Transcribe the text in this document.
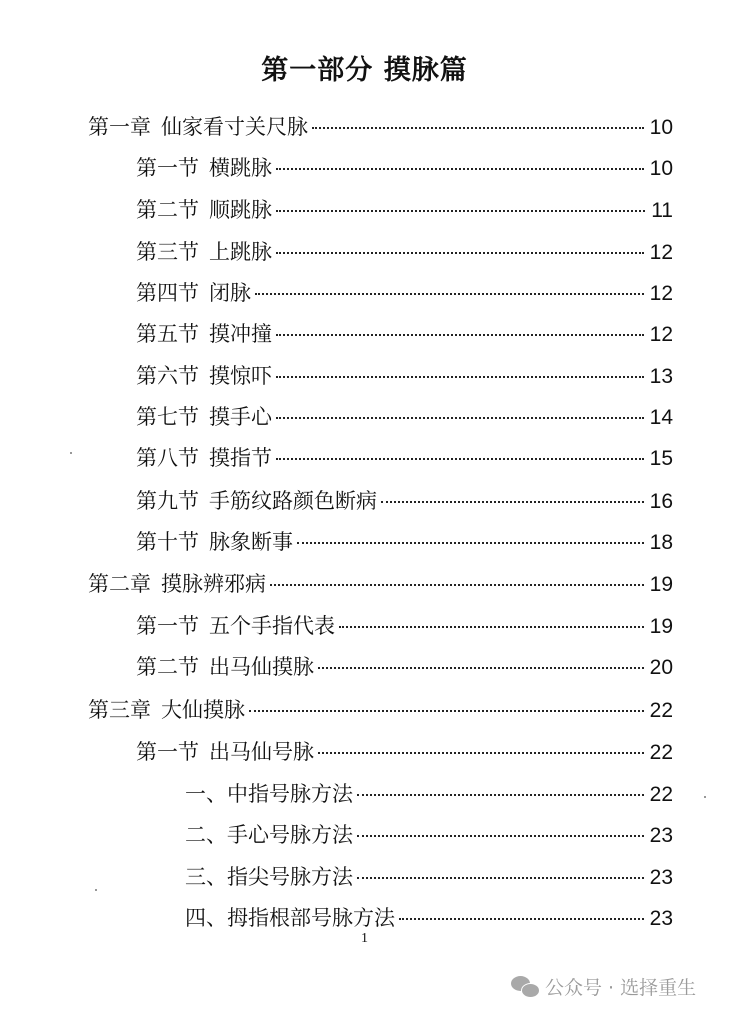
第一部分 摸脉篇
第一章 仙家看寸关尺脉	10
第一节 横跳脉	10
第二节 顺跳脉	11
第三节 上跳脉	12
第四节 闭脉	12
第五节 摸冲撞	12
第六节 摸惊吓	13
第七节 摸手心	14
第八节 摸指节	15
第九节 手筋纹路颜色断病	16
第十节 脉象断事	18
第二章 摸脉辨邪病	19
第一节 五个手指代表	19
第二节 出马仙摸脉	20
第三章 大仙摸脉	22
第一节 出马仙号脉	22
一、中指号脉方法	22
二、手心号脉方法	23
三、指尖号脉方法	23
四、拇指根部号脉方法	23
1
公众号 · 选择重生
